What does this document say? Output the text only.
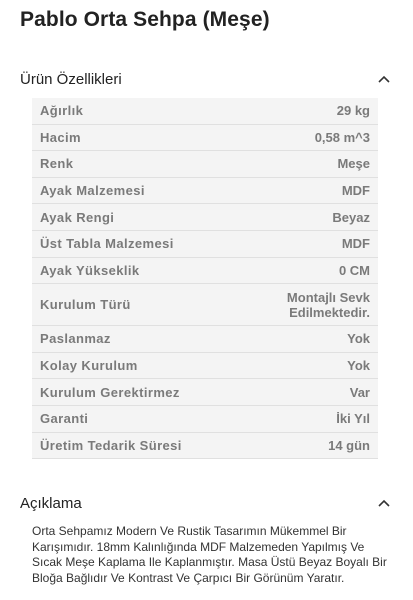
Pablo Orta Sehpa (Meşe)
Ürün Özellikleri
Ağırlık	29 kg
Hacim	0,58 m^3
Renk	Meşe
Ayak Malzemesi	MDF
Ayak Rengi	Beyaz
Üst Tabla Malzemesi	MDF
Ayak Yükseklik	0 CM
Kurulum Türü	Montajlı Sevk Edilmektedir.
Paslanmaz	Yok
Kolay Kurulum	Yok
Kurulum Gerektirmez	Var
Garanti	İki Yıl
Üretim Tedarik Süresi	14 gün
Açıklama
Orta Sehpamız Modern Ve Rustik Tasarımın Mükemmel Bir Karışımıdır. 18mm Kalınlığında MDF Malzemeden Yapılmış Ve Sıcak Meşe Kaplama Ile Kaplanmıştır. Masa Üstü Beyaz Boyalı Bir Bloğa Bağlıdır Ve Kontrast Ve Çarpıcı Bir Görünüm Yaratır.
